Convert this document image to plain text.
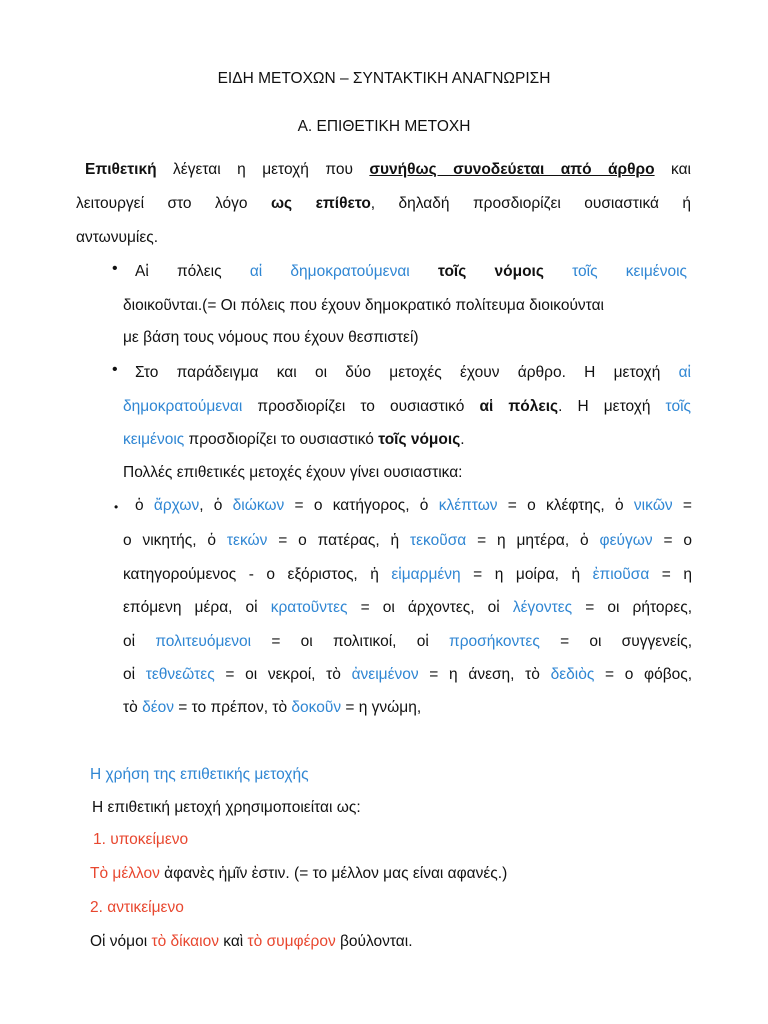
ΕΙΔΗ ΜΕΤΟΧΩΝ – ΣΥΝΤΑΚΤΙΚΗ ΑΝΑΓΝΩΡΙΣΗ
Α. ΕΠΙΘΕΤΙΚΗ ΜΕΤΟΧΗ
Επιθετική λέγεται η μετοχή που συνήθως συνοδεύεται από άρθρο και
λειτουργεί στο λόγο ως επίθετο, δηλαδή προσδιορίζει ουσιαστικά ή
αντωνυμίες.
• Αἱ πόλεις αἱ δημοκρατούμεναι τοῖς νόμοις τοῖς κειμένοις
διοικοῦνται.(= Οι πόλεις που έχουν δημοκρατικό πολίτευμα διοικούνται
με βάση τους νόμους που έχουν θεσπιστεί)
• Στο παράδειγμα και οι δύο μετοχές έχουν άρθρο. Η μετοχή αἱ
δημοκρατούμεναι προσδιορίζει το ουσιαστικό αἱ πόλεις. Η μετοχή τοῖς
κειμένοις προσδιορίζει το ουσιαστικό τοῖς νόμοις.
Πολλές επιθετικές μετοχές έχουν γίνει ουσιαστικα:
• ὁ ἄρχων, ὁ διώκων = ο κατήγορος, ὁ κλέπτων = ο κλέφτης, ὁ νικῶν =
ο νικητής, ὁ τεκών = ο πατέρας, ἡ τεκοῦσα = η μητέρα, ὁ φεύγων = ο
κατηγορούμενος - ο εξόριστος, ἡ εἱμαρμένη = η μοίρα, ἡ ἐπιοῦσα = η
επόμενη μέρα, οἱ κρατοῦντες = οι άρχοντες, οἱ λέγοντες = οι ρήτορες,
οἱ πολιτευόμενοι = οι πολιτικοί, οἱ προσήκοντες = οι συγγενείς,
οἱ τεθνεῶτες = οι νεκροί, τὸ ἀνειμένον = η άνεση, τὸ δεδιὸς = ο φόβος,
τὸ δέον = το πρέπον, τὸ δοκοῦν = η γνώμη,
Η χρήση της επιθετικής μετοχής
Η επιθετική μετοχή χρησιμοποιείται ως:
1. υποκείμενο
Τὸ μέλλον ἀφανὲς ἡμῖν ἐστιν. (= το μέλλον μας είναι αφανές.)
2. αντικείμενο
Οἱ νόμοι τὸ δίκαιον καὶ τὸ συμφέρον βούλονται.
